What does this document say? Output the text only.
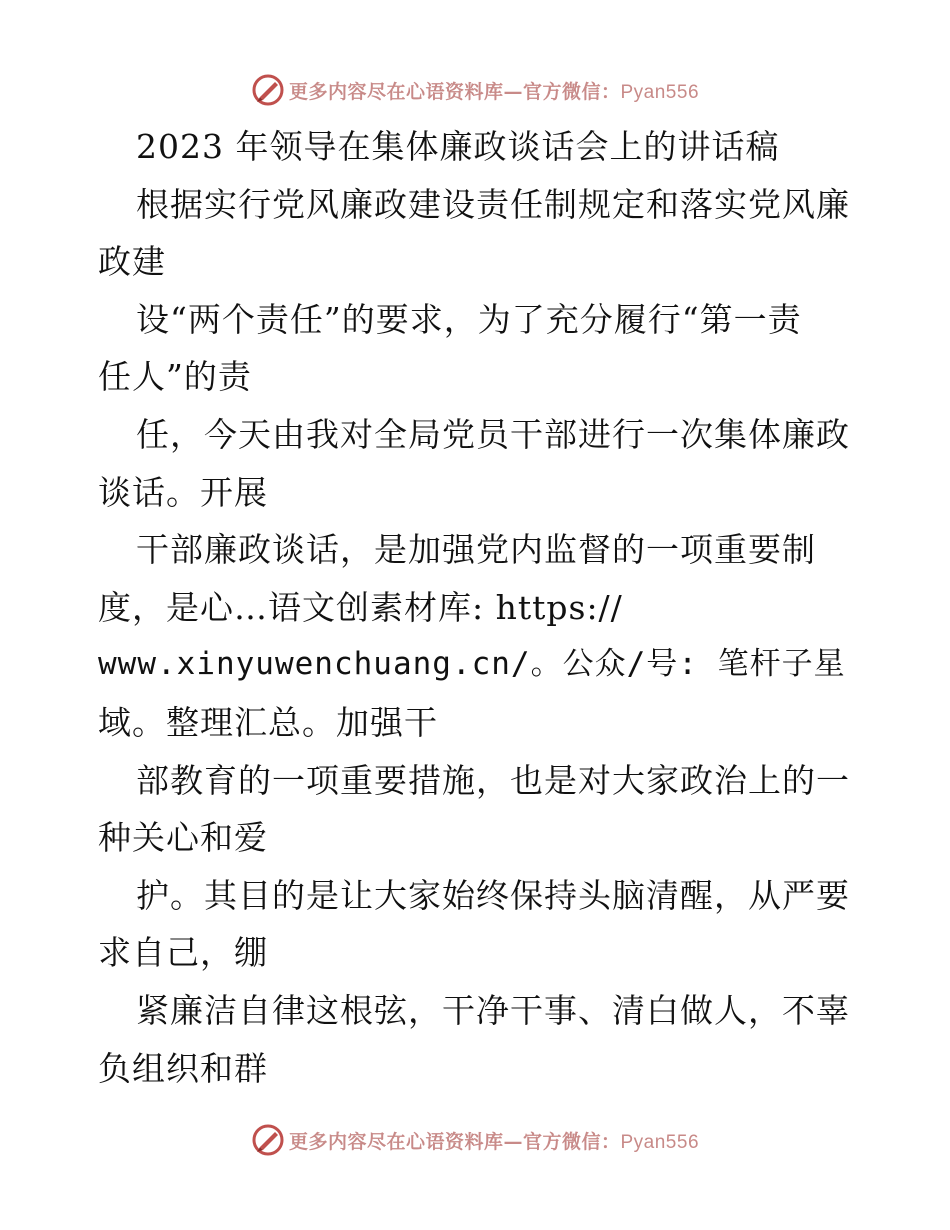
更多内容尽在心语资料库—官方微信：Pyan556
2023 年领导在集体廉政谈话会上的讲话稿
根据实行党风廉政建设责任制规定和落实党风廉
政建
设“两个责任”的要求，为了充分履行“第一责
任人”的责
任，今天由我对全局党员干部进行一次集体廉政
谈话。开展
干部廉政谈话，是加强党内监督的一项重要制
度，是心…语文创素材库: https://
www.xinyuwenchuang.cn/。公众/号: 笔杆子星
域。整理汇总。加强干
部教育的一项重要措施，也是对大家政治上的一
种关心和爱
护。其目的是让大家始终保持头脑清醒，从严要
求自己，绷
紧廉洁自律这根弦，干净干事、清白做人，不辜
负组织和群
更多内容尽在心语资料库—官方微信：Pyan556
